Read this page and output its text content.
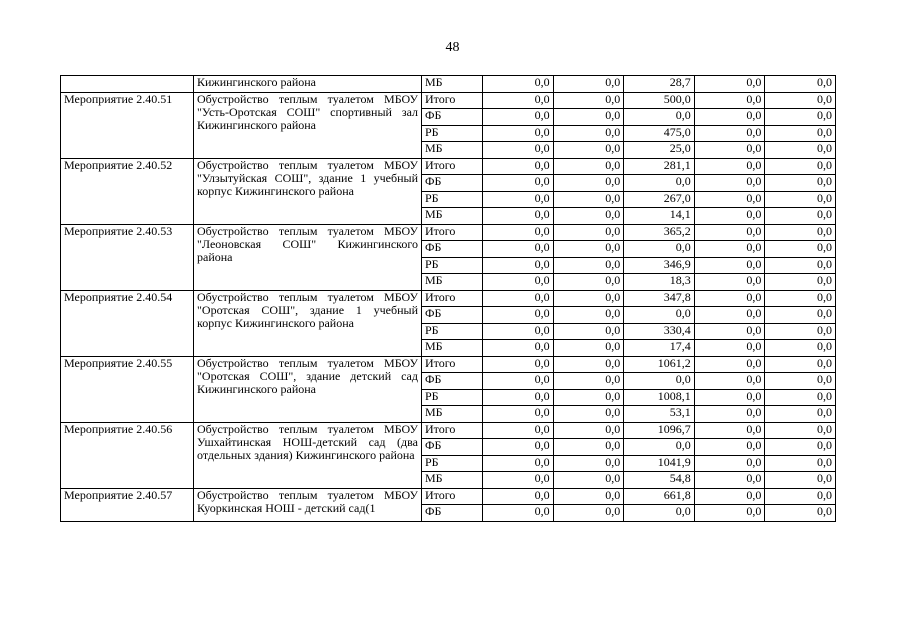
48
	Кижингинского района	МБ	0,0	0,0	28,7	0,0	0,0
Мероприятие 2.40.51	Обустройство теплым туалетом МБОУ "Усть-Оротская СОШ" спортивный зал Кижингинского района	Итого	0,0	0,0	500,0	0,0	0,0
		ФБ	0,0	0,0	0,0	0,0	0,0
		РБ	0,0	0,0	475,0	0,0	0,0
		МБ	0,0	0,0	25,0	0,0	0,0
Мероприятие 2.40.52	Обустройство теплым туалетом МБОУ "Улзытуйская СОШ", здание 1 учебный корпус Кижингинского района	Итого	0,0	0,0	281,1	0,0	0,0
		ФБ	0,0	0,0	0,0	0,0	0,0
		РБ	0,0	0,0	267,0	0,0	0,0
		МБ	0,0	0,0	14,1	0,0	0,0
Мероприятие 2.40.53	Обустройство теплым туалетом МБОУ "Леоновская СОШ" Кижингинского района	Итого	0,0	0,0	365,2	0,0	0,0
		ФБ	0,0	0,0	0,0	0,0	0,0
		РБ	0,0	0,0	346,9	0,0	0,0
		МБ	0,0	0,0	18,3	0,0	0,0
Мероприятие 2.40.54	Обустройство теплым туалетом МБОУ "Оротская СОШ", здание 1 учебный корпус Кижингинского района	Итого	0,0	0,0	347,8	0,0	0,0
		ФБ	0,0	0,0	0,0	0,0	0,0
		РБ	0,0	0,0	330,4	0,0	0,0
		МБ	0,0	0,0	17,4	0,0	0,0
Мероприятие 2.40.55	Обустройство теплым туалетом МБОУ "Оротская СОШ", здание детский сад Кижингинского района	Итого	0,0	0,0	1061,2	0,0	0,0
		ФБ	0,0	0,0	0,0	0,0	0,0
		РБ	0,0	0,0	1008,1	0,0	0,0
		МБ	0,0	0,0	53,1	0,0	0,0
Мероприятие 2.40.56	Обустройство теплым туалетом МБОУ Ушхайтинская НОШ-детский сад (два отдельных здания) Кижингинского района	Итого	0,0	0,0	1096,7	0,0	0,0
		ФБ	0,0	0,0	0,0	0,0	0,0
		РБ	0,0	0,0	1041,9	0,0	0,0
		МБ	0,0	0,0	54,8	0,0	0,0
Мероприятие 2.40.57	Обустройство теплым туалетом МБОУ Куоркинская НОШ - детский сад(1	Итого	0,0	0,0	661,8	0,0	0,0
		ФБ	0,0	0,0	0,0	0,0	0,0
